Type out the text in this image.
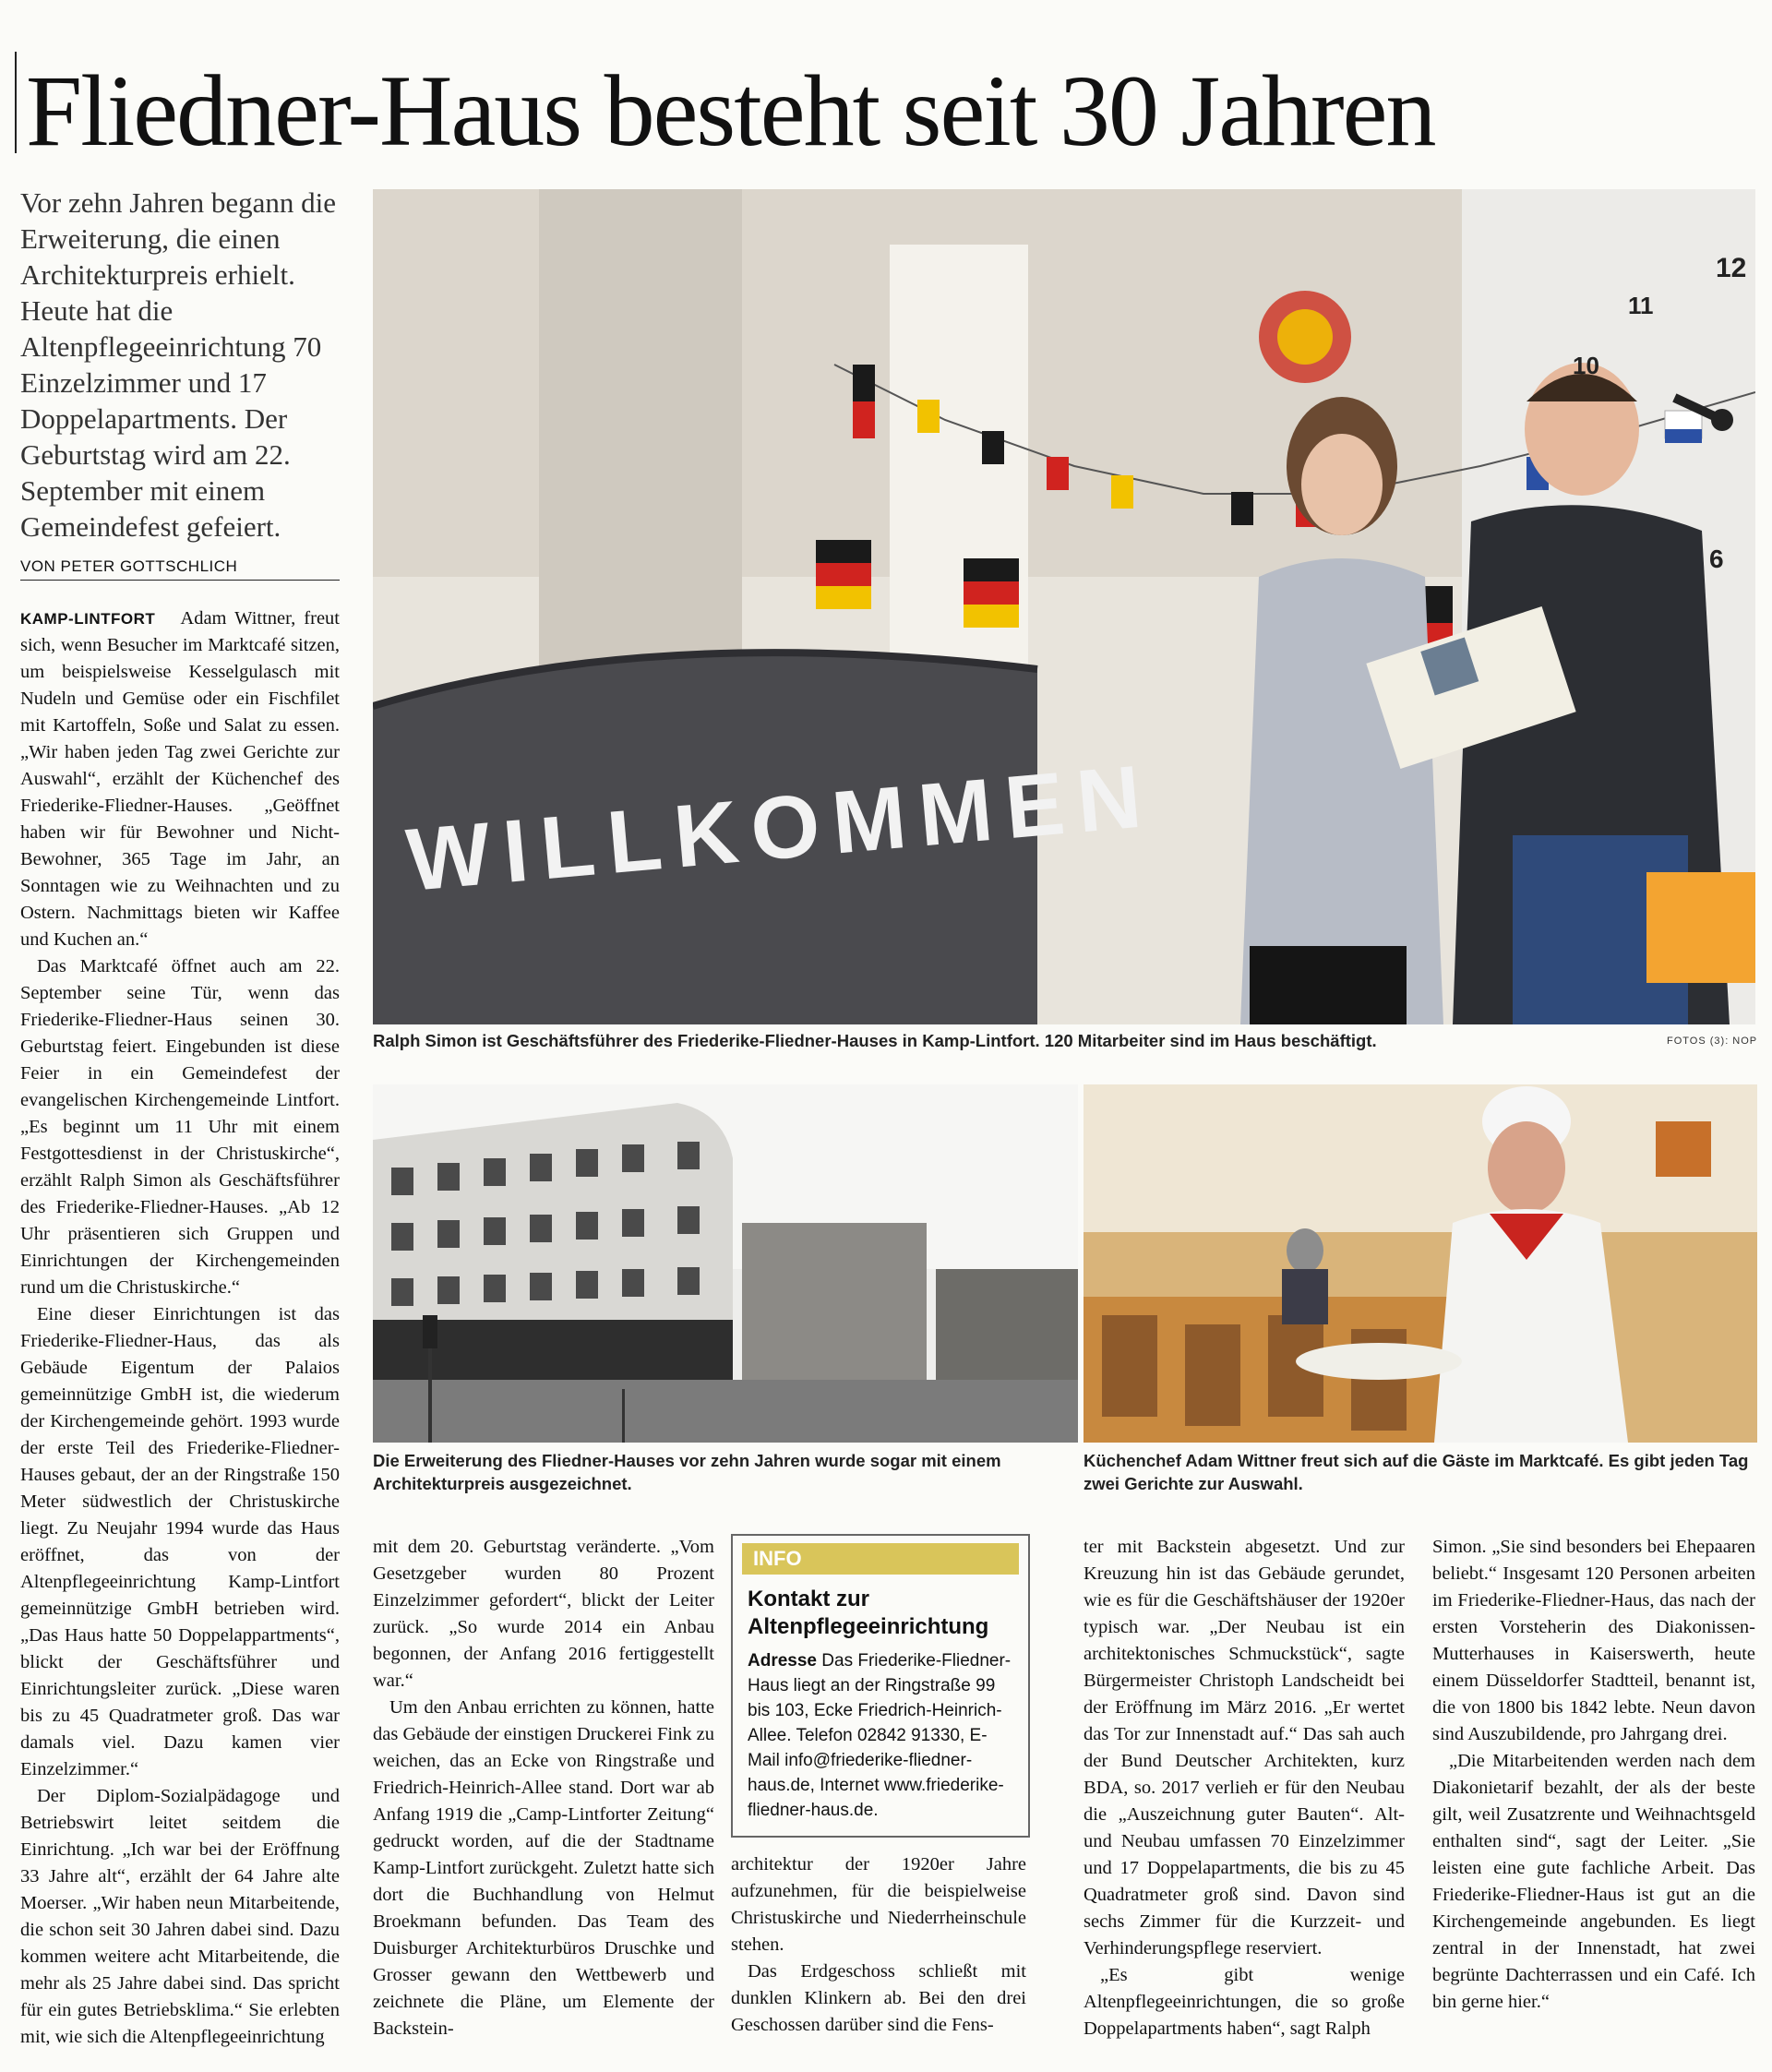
Fliedner-Haus besteht seit 30 Jahren
Vor zehn Jahren begann die Erweiterung, die einen Architekturpreis erhielt. Heute hat die Altenpflegeeinrichtung 70 Einzelzimmer und 17 Doppelapartments. Der Geburtstag wird am 22. September mit einem Gemeindefest gefeiert.
VON PETER GOTTSCHLICH
WILLKOMMEN
12
11
10
6
Ralph Simon ist Geschäftsführer des Friederike-Fliedner-Hauses in Kamp-Lintfort. 120 Mitarbeiter sind im Haus beschäftigt.	FOTOS (3): NOP
Die Erweiterung des Fliedner-Hauses vor zehn Jahren wurde sogar mit einem Architekturpreis ausgezeichnet.
Küchenchef Adam Wittner freut sich auf die Gäste im Marktcafé. Es gibt jeden Tag zwei Gerichte zur Auswahl.

KAMP-LINTFORT Adam Wittner, freut sich, wenn Besucher im Marktcafé sitzen, um beispielsweise Kesselgulasch mit Nudeln und Gemüse oder ein Fischfilet mit Kartoffeln, Soße und Salat zu essen. „Wir haben jeden Tag zwei Gerichte zur Auswahl“, erzählt der Küchenchef des Friederike-Fliedner-Hauses. „Geöffnet haben wir für Bewohner und Nicht-Bewohner, 365 Tage im Jahr, an Sonntagen wie zu Weihnachten und zu Ostern. Nachmittags bieten wir Kaffee und Kuchen an.“

Das Marktcafé öffnet auch am 22. September seine Tür, wenn das Friederike-Fliedner-Haus seinen 30. Geburtstag feiert. Eingebunden ist diese Feier in ein Gemeindefest der evangelischen Kirchengemeinde Lintfort. „Es beginnt um 11 Uhr mit einem Festgottesdienst in der Christuskirche“, erzählt Ralph Simon als Geschäftsführer des Friederike-Fliedner-Hauses. „Ab 12 Uhr präsentieren sich Gruppen und Einrichtungen der Kirchengemeinden rund um die Christuskirche.“

Eine dieser Einrichtungen ist das Friederike-Fliedner-Haus, das als Gebäude Eigentum der Palaios gemeinnützige GmbH ist, die wiederum der Kirchengemeinde gehört. 1993 wurde der erste Teil des Friederike-Fliedner-Hauses gebaut, der an der Ringstraße 150 Meter südwestlich der Christuskirche liegt. Zu Neujahr 1994 wurde das Haus eröffnet, das von der Altenpflegeeinrichtung Kamp-Lintfort gemeinnützige GmbH betrieben wird. „Das Haus hatte 50 Doppelappartments“, blickt der Geschäftsführer und Einrichtungsleiter zurück. „Diese waren bis zu 45 Quadratmeter groß. Das war damals viel. Dazu kamen vier Einzelzimmer.“

Der Diplom-Sozialpädagoge und Betriebswirt leitet seitdem die Einrichtung. „Ich war bei der Eröffnung 33 Jahre alt“, erzählt der 64 Jahre alte Moerser. „Wir haben neun Mitarbeitende, die schon seit 30 Jahren dabei sind. Dazu kommen weitere acht Mitarbeitende, die mehr als 25 Jahre dabei sind. Das spricht für ein gutes Betriebsklima.“ Sie erlebten mit, wie sich die Altenpflegeeinrichtung

mit dem 20. Geburtstag veränderte. „Vom Gesetzgeber wurden 80 Prozent Einzelzimmer gefordert“, blickt der Leiter zurück. „So wurde 2014 ein Anbau begonnen, der Anfang 2016 fertiggestellt war.“

Um den Anbau errichten zu können, hatte das Gebäude der einstigen Druckerei Fink zu weichen, das an Ecke von Ringstraße und Friedrich-Heinrich-Allee stand. Dort war ab Anfang 1919 die „Camp-Lintforter Zeitung“ gedruckt worden, auf die der Stadtname Kamp-Lintfort zurückgeht. Zuletzt hatte sich dort die Buchhandlung von Helmut Broekmann befunden. Das Team des Duisburger Architekturbüros Druschke und Grosser gewann den Wettbewerb und zeichnete die Pläne, um Elemente der Backstein-

INFO
Kontakt zur Altenpflegeeinrichtung
Adresse Das Friederike-Fliedner-Haus liegt an der Ringstraße 99 bis 103, Ecke Friedrich-Heinrich-Allee. Telefon 02842 91330, E-Mail info@friederike-fliedner-haus.de, Internet www.friederike-fliedner-haus.de.

architektur der 1920er Jahre aufzunehmen, für die beispielweise Christuskirche und Niederrheinschule stehen.

Das Erdgeschoss schließt mit dunklen Klinkern ab. Bei den drei Geschossen darüber sind die Fens-

ter mit Backstein abgesetzt. Und zur Kreuzung hin ist das Gebäude gerundet, wie es für die Geschäftshäuser der 1920er typisch war. „Der Neubau ist ein architektonisches Schmuckstück“, sagte Bürgermeister Christoph Landscheidt bei der Eröffnung im März 2016. „Er wertet das Tor zur Innenstadt auf.“ Das sah auch der Bund Deutscher Architekten, kurz BDA, so. 2017 verlieh er für den Neubau die „Auszeichnung guter Bauten“. Alt- und Neubau umfassen 70 Einzelzimmer und 17 Doppelapartments, die bis zu 45 Quadratmeter groß sind. Davon sind sechs Zimmer für die Kurzzeit- und Verhinderungspflege reserviert.

„Es gibt wenige Altenpflegeeinrichtungen, die so große Doppelapartments haben“, sagt Ralph

Simon. „Sie sind besonders bei Ehepaaren beliebt.“ Insgesamt 120 Personen arbeiten im Friederike-Fliedner-Haus, das nach der ersten Vorsteherin des Diakonissen-Mutterhauses in Kaiserswerth, heute einem Düsseldorfer Stadtteil, benannt ist, die von 1800 bis 1842 lebte. Neun davon sind Auszubildende, pro Jahrgang drei.

„Die Mitarbeitenden werden nach dem Diakonietarif bezahlt, der als der beste gilt, weil Zusatzrente und Weihnachtsgeld enthalten sind“, sagt der Leiter. „Sie leisten eine gute fachliche Arbeit. Das Friederike-Fliedner-Haus ist gut an die Kirchengemeinde angebunden. Es liegt zentral in der Innenstadt, hat zwei begrünte Dachterrassen und ein Café. Ich bin gerne hier.“
